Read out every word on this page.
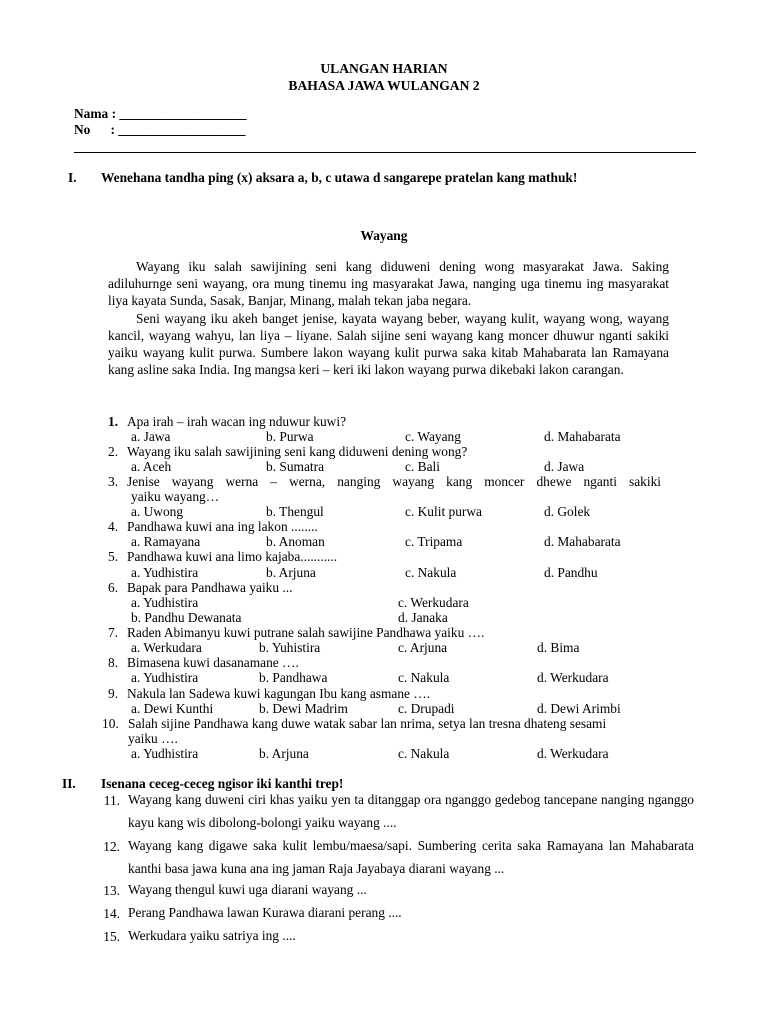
ULANGAN HARIAN
BAHASA JAWA WULANGAN 2
Nama : ___________________
No      : ___________________
I. Wenehana tandha ping (x) aksara a, b, c utawa d sangarepe pratelan kang mathuk!
Wayang

Wayang iku salah sawijining seni kang diduweni dening wong masyarakat Jawa. Saking adiluhurnge seni wayang, ora mung tinemu ing masyarakat Jawa, nanging uga tinemu ing masyarakat liya kayata Sunda, Sasak, Banjar, Minang, malah tekan jaba negara.

Seni wayang iku akeh banget jenise, kayata wayang beber, wayang kulit, wayang wong, wayang kancil, wayang wahyu, lan liya – liyane. Salah sijine seni wayang kang moncer dhuwur nganti sakiki yaiku wayang kulit purwa. Sumbere lakon wayang kulit purwa saka kitab Mahabarata lan Ramayana kang asline saka India. Ing mangsa keri – keri iki lakon wayang purwa dikebaki lakon carangan.

1. Apa irah – irah wacan ing nduwur kuwi?
a. Jawa	b. Purwa	c. Wayang	d. Mahabarata
2. Wayang iku salah sawijining seni kang diduweni dening wong?
a. Aceh	b. Sumatra	c. Bali	d. Jawa
3. Jenise wayang werna – werna, nanging wayang kang moncer dhewe nganti sakiki
yaiku wayang…
a. Uwong	b. Thengul	c. Kulit purwa	d. Golek
4. Pandhawa kuwi ana ing lakon ........
a. Ramayana	b. Anoman	c. Tripama	d. Mahabarata
5. Pandhawa kuwi ana limo kajaba...........
a. Yudhistira	b. Arjuna	c. Nakula	d. Pandhu
6. Bapak para Pandhawa yaiku ...
a. Yudhistira	c. Werkudara
b. Pandhu Dewanata	d. Janaka
7. Raden Abimanyu kuwi putrane salah sawijine Pandhawa yaiku ….
a. Werkudara	b. Yuhistira	c. Arjuna	d. Bima
8. Bimasena kuwi dasanamane ….
a. Yudhistira	b. Pandhawa	c. Nakula	d. Werkudara
9. Nakula lan Sadewa kuwi kagungan Ibu kang asmane ….
a. Dewi Kunthi	b. Dewi Madrim	c. Drupadi	d. Dewi Arimbi
10. Salah sijine Pandhawa kang duwe watak sabar lan nrima, setya lan tresna dhateng sesami
yaiku ….
a. Yudhistira	b. Arjuna	c. Nakula	d. Werkudara
II. Isenana ceceg-ceceg ngisor iki kanthi trep!
11. Wayang kang duweni ciri khas yaiku yen ta ditanggap ora nganggo gedebog tancepane nanging nganggo kayu kang wis dibolong-bolongi yaiku wayang ....
12. Wayang kang digawe saka kulit lembu/maesa/sapi. Sumbering cerita saka Ramayana lan Mahabarata kanthi basa jawa kuna ana ing jaman Raja Jayabaya diarani wayang ...
13. Wayang thengul kuwi uga diarani wayang ...
14. Perang Pandhawa lawan Kurawa diarani perang ....
15. Werkudara yaiku satriya ing ....
